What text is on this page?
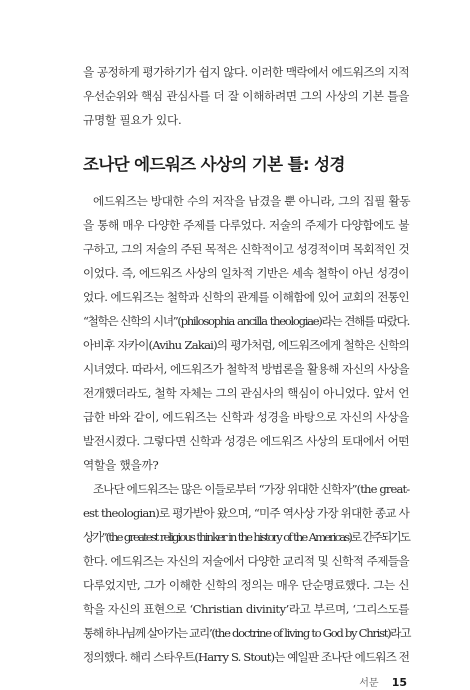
을 공정하게 평가하기가 쉽지 않다. 이러한 맥락에서 에드워즈의 지적
우선순위와 핵심 관심사를 더 잘 이해하려면 그의 사상의 기본 틀을
규명할 필요가 있다.
조나단 에드워즈 사상의 기본 틀: 성경
에드워즈는 방대한 수의 저작을 남겼을 뿐 아니라, 그의 집필 활동
을 통해 매우 다양한 주제를 다루었다. 저술의 주제가 다양함에도 불
구하고, 그의 저술의 주된 목적은 신학적이고 성경적이며 목회적인 것
이었다. 즉, 에드워즈 사상의 일차적 기반은 세속 철학이 아닌 성경이
었다. 에드워즈는 철학과 신학의 관계를 이해함에 있어 교회의 전통인
“철학은 신학의 시녀”(philosophia ancilla theologiae)라는 견해를 따랐다.
아비후 자카이(Avihu Zakai)의 평가처럼, 에드워즈에게 철학은 신학의
시녀였다. 따라서, 에드워즈가 철학적 방법론을 활용해 자신의 사상을
전개했더라도, 철학 자체는 그의 관심사의 핵심이 아니었다. 앞서 언
급한 바와 같이, 에드워즈는 신학과 성경을 바탕으로 자신의 사상을
발전시켰다. 그렇다면 신학과 성경은 에드워즈 사상의 토대에서 어떤
역할을 했을까?
조나단 에드워즈는 많은 이들로부터 “가장 위대한 신학자”(the great-
est theologian)로 평가받아 왔으며, “미주 역사상 가장 위대한 종교 사
상가”(the greatest religious thinker in the history of the Americas)로 간주되기도
한다. 에드워즈는 자신의 저술에서 다양한 교리적 및 신학적 주제들을
다루었지만, 그가 이해한 신학의 정의는 매우 단순명료했다. 그는 신
학을 자신의 표현으로 ‘Christian divinity’라고 부르며, ‘그리스도를
통해 하나님께 살아가는 교리’(the doctrine of living to God by Christ)라고
정의했다. 해리 스타우트(Harry S. Stout)는 예일판 조나단 에드워즈 전
서문 15
